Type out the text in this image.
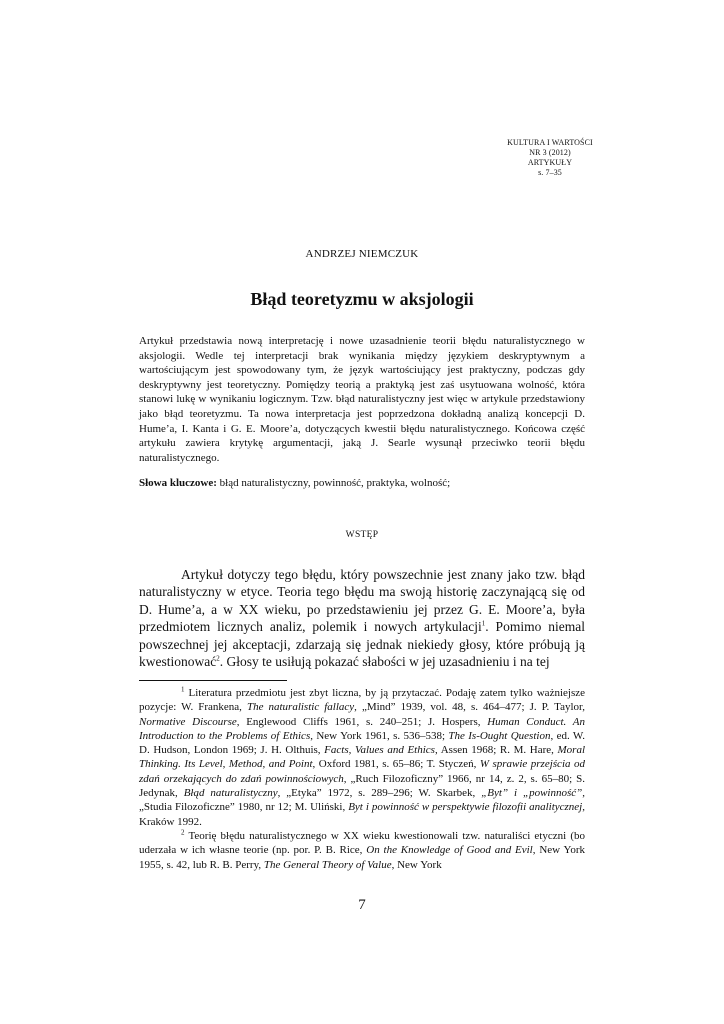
KULTURA I WARTOŚCI
NR 3 (2012)
ARTYKUŁY
s. 7–35
ANDRZEJ NIEMCZUK
Błąd teoretyzmu w aksjologii
Artykuł przedstawia nową interpretację i nowe uzasadnienie teorii błędu naturalistycznego w aksjologii. Wedle tej interpretacji brak wynikania między językiem deskryptywnym a wartościującym jest spowodowany tym, że język wartościujący jest praktyczny, podczas gdy deskryptywny jest teoretyczny. Pomiędzy teorią a praktyką jest zaś usytuowana wolność, która stanowi lukę w wynikaniu logicznym. Tzw. błąd naturalistyczny jest więc w artykule przedstawiony jako błąd teoretyzmu. Ta nowa interpretacja jest poprzedzona dokładną analizą koncepcji D. Hume’a, I. Kanta i G. E. Moore’a, dotyczących kwestii błędu naturalistycznego. Końcowa część artykułu zawiera krytykę argumentacji, jaką J. Searle wysunął przeciwko teorii błędu naturalistycznego.
Słowa kluczowe: błąd naturalistyczny, powinność, praktyka, wolność;
WSTĘP

Artykuł dotyczy tego błędu, który powszechnie jest znany jako tzw. błąd naturalistyczny w etyce. Teoria tego błędu ma swoją historię zaczynającą się od D. Hume’a, a w XX wieku, po przedstawieniu jej przez G. E. Moore’a, była przedmiotem licznych analiz, polemik i nowych artykulacji$^1$. Pomimo niemal powszechnej jej akceptacji, zdarzają się jednak niekiedy głosy, które próbują ją kwestionować$^2$. Głosy te usiłują pokazać słabości w jej uzasadnieniu i na tej

$^1$ Literatura przedmiotu jest zbyt liczna, by ją przytaczać. Podaję zatem tylko ważniejsze pozycje: W. Frankena, The naturalistic fallacy, „Mind” 1939, vol. 48, s. 464–477; J. P. Taylor, Normative Discourse, Englewood Cliffs 1961, s. 240–251; J. Hospers, Human Conduct. An Introduction to the Problems of Ethics, New York 1961, s. 536–538; The Is-Ought Question, ed. W. D. Hudson, London 1969; J. H. Olthuis, Facts, Values and Ethics, Assen 1968; R. M. Hare, Moral Thinking. Its Level, Method, and Point, Oxford 1981, s. 65–86; T. Styczeń, W sprawie przejścia od zdań orzekających do zdań powinnościowych, „Ruch Filozoficzny” 1966, nr 14, z. 2, s. 65–80; S. Jedynak, Błąd naturalistyczny, „Etyka” 1972, s. 289–296; W. Skarbek, „Byt” i „powinność”, „Studia Filozoficzne” 1980, nr 12; M. Uliński, Byt i powinność w perspektywie filozofii analitycznej, Kraków 1992.

$^2$ Teorię błędu naturalistycznego w XX wieku kwestionowali tzw. naturaliści etyczni (bo uderzała w ich własne teorie (np. por. P. B. Rice, On the Knowledge of Good and Evil, New York 1955, s. 42, lub R. B. Perry, The General Theory of Value, New York

7
